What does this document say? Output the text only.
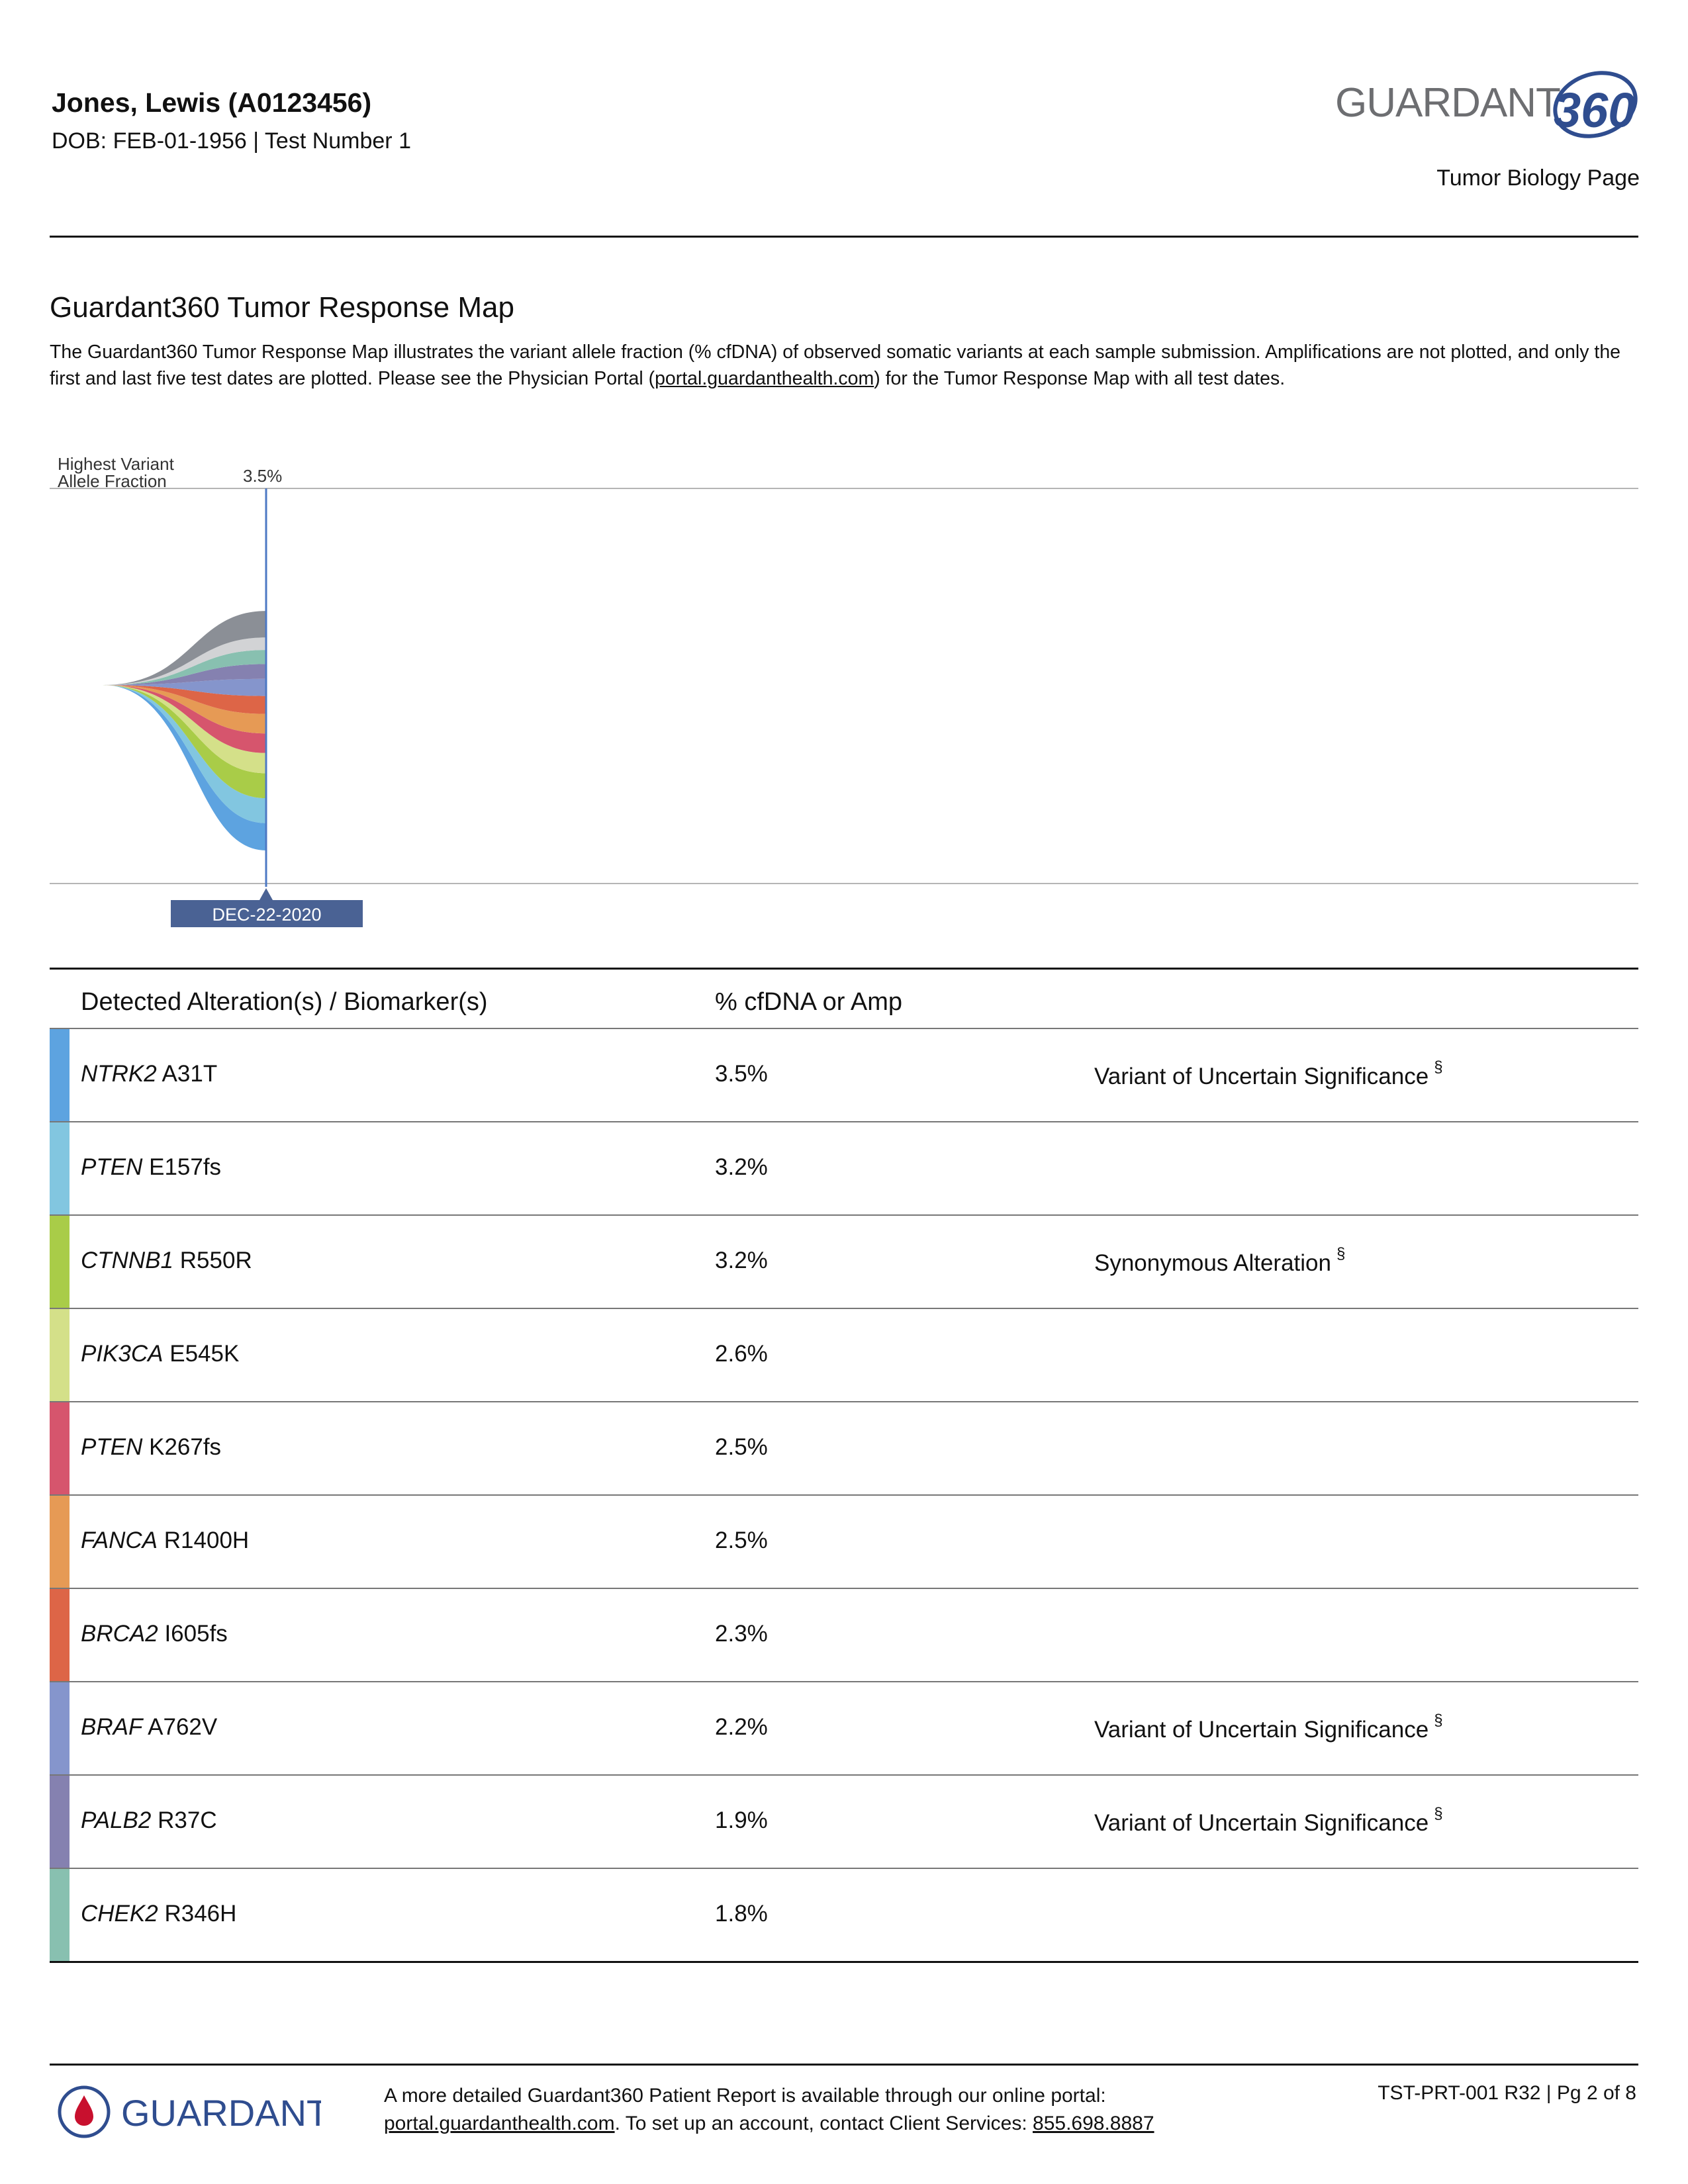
Jones, Lewis (A0123456)
DOB: FEB-01-1956 | Test Number 1
GUARDANT
360
Tumor Biology Page
Guardant360 Tumor Response Map
The Guardant360 Tumor Response Map illustrates the variant allele fraction (% cfDNA) of observed somatic variants at each sample submission. Amplifications are not plotted, and only the first and last five test dates are plotted. Please see the Physician Portal (portal.guardanthealth.com) for the Tumor Response Map with all test dates.
Highest Variant
Allele Fraction	3.5%
DEC-22-2020
Detected Alteration(s) / Biomarker(s)	% cfDNA or Amp
NTRK2 A31T	3.5%	Variant of Uncertain Significance §
PTEN E157fs	3.2%
CTNNB1 R550R	3.2%	Synonymous Alteration §
PIK3CA E545K	2.6%
PTEN K267fs	2.5%
FANCA R1400H	2.5%
BRCA2 I605fs	2.3%
BRAF A762V	2.2%	Variant of Uncertain Significance §
PALB2 R37C	1.9%	Variant of Uncertain Significance §
CHEK2 R346H	1.8%
GUARDANT	A more detailed Guardant360 Patient Report is available through our online portal:
portal.guardanthealth.com. To set up an account, contact Client Services: 855.698.8887
TST-PRT-001 R32 | Pg 2 of 8
